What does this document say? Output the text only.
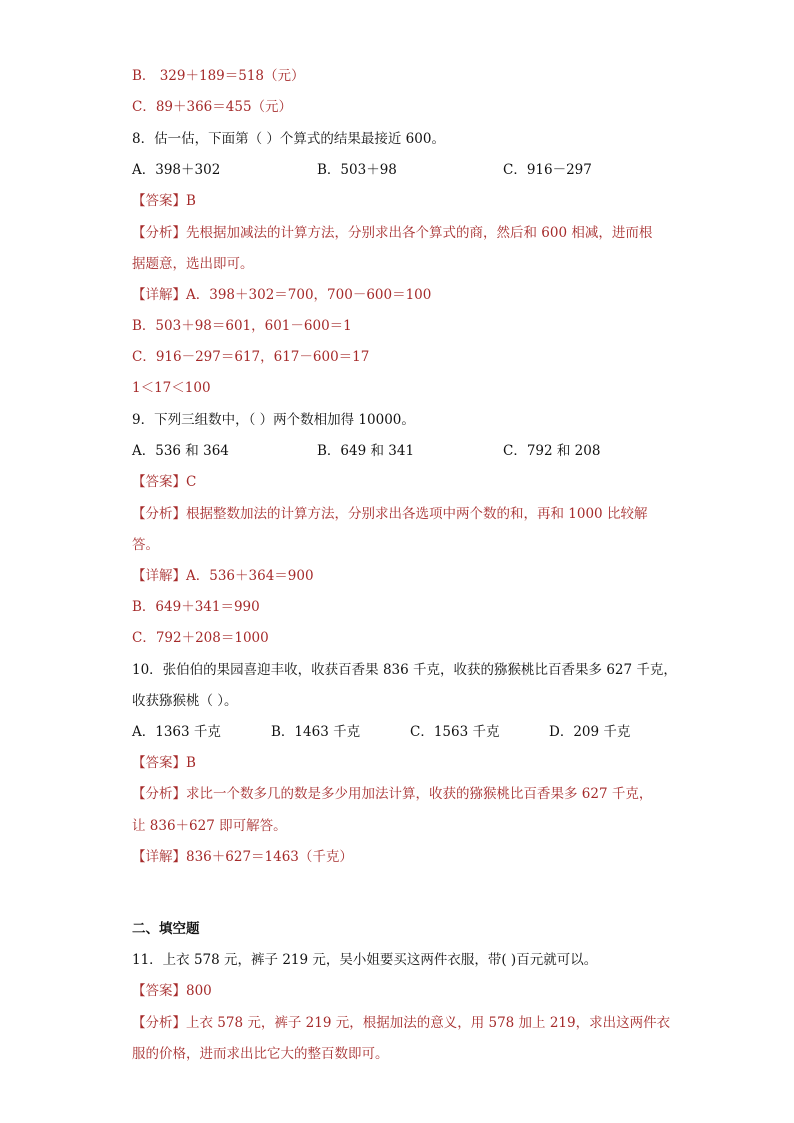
B． 329＋189＝518（元）
C．89＋366＝455（元）
8．估一估，下面第（ ）个算式的结果最接近 600。
A．398＋302	B．503＋98	C．916－297
【答案】B
【分析】先根据加减法的计算方法，分别求出各个算式的商，然后和 600 相减，进而根
据题意，选出即可。
【详解】A．398＋302＝700，700－600＝100
B．503＋98＝601，601－600＝1
C．916－297＝617，617－600＝17
1＜17＜100
9．下列三组数中，（ ）两个数相加得 10000。
A．536 和 364	B．649 和 341	C．792 和 208
【答案】C
【分析】根据整数加法的计算方法，分别求出各选项中两个数的和，再和 1000 比较解
答。
【详解】A．536＋364＝900
B．649＋341＝990
C．792＋208＝1000
10．张伯伯的果园喜迎丰收，收获百香果 836 千克，收获的猕猴桃比百香果多 627 千克，
收获猕猴桃（ ）。
A．1363 千克	B．1463 千克	C．1563 千克	D．209 千克
【答案】B
【分析】求比一个数多几的数是多少用加法计算，收获的猕猴桃比百香果多 627 千克，
让 836＋627 即可解答。
【详解】836＋627＝1463（千克）
二、填空题
11．上衣 578 元，裤子 219 元，吴小姐要买这两件衣服，带( )百元就可以。
【答案】800
【分析】上衣 578 元，裤子 219 元，根据加法的意义，用 578 加上 219，求出这两件衣
服的价格，进而求出比它大的整百数即可。
